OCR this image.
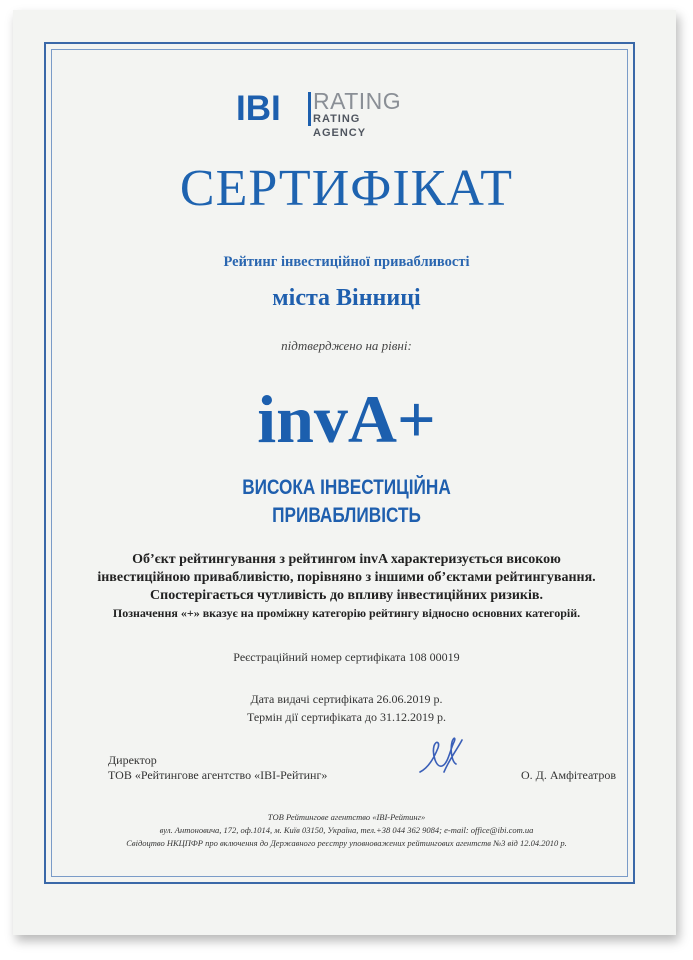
IBI RATING
RATING AGENCY
СЕРТИФІКАТ
Рейтинг інвестиційної привабливості
міста Вінниці
підтверджено на рівні:
invA+
ВИСОКА ІНВЕСТИЦІЙНА
ПРИВАБЛИВІСТЬ
Об’єкт рейтингування з рейтингом invA характеризується високою
інвестиційною привабливістю, порівняно з іншими об’єктами рейтингування.
Спостерігається чутливість до впливу інвестиційних ризиків.
Позначення «+» вказує на проміжну категорію рейтингу відносно основних категорій.
Реєстраційний номер сертифіката 108 00019
Дата видачі сертифіката 26.06.2019 р.
Термін дії сертифіката до 31.12.2019 р.
Директор
ТОВ «Рейтингове агентство «IBI-Рейтинг»	О. Д. Амфітеатров
ТОВ Рейтингове агентство «IBI-Рейтинг»
вул. Антоновича, 172, оф.1014, м. Київ 03150, Україна, тел.+38 044 362 9084; e-mail: office@ibi.com.ua
Свідоцтво НКЦПФР про включення до Державного реєстру уповноважених рейтингових агентств №3 від 12.04.2010 р.
